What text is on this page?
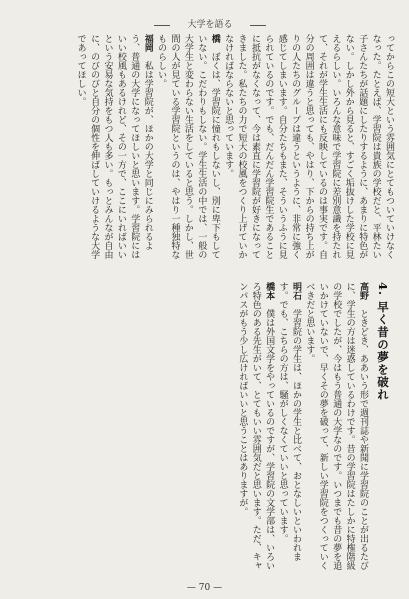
大学を語る

ってからこの短大という雰囲気にとてもついていけなくなった。たとえば、学習院は貴族の学校だと、平林たい子さんたちが話題にしたりするように、あまりに特色がない。しかし外から見ると、すごく垢抜けした学校に見えるらしい。いろんな意味で学習院に差別意識を持たれて、それが学生生活にも反映しているのは事実です。自分の周囲は違うと思っても、やはり、下からの持ち上がりの人たちのグループは違うというように、非常に強く感じてしまいます。自分たちもまた、そういうふうに見られているのです。でも、だんだん学習院生であることに抵抗がなくなって、今は素直に学習院が好きになってきました。私たちの力で短大の校風をつくり上げていかなければならないと思っています。

橋　ぼくは、学習院に憧れもしないし、別に卑下もしていない。こだわりもしない。学生生活の中では、一般の大学生と変わらない生活をしていると思う。しかし、世間の人が見ている学習院というのは、やはり一種独特なものらしい。

福岡　私は学習院が、ほかの大学と同じにみられるよう、普通の大学になってほしいと思います。学習院にはいい校風もあるけれど、その一方で、ここにいればいいという安易な気持をもつ人も多い。もっとみんなが自由に、のびのびと自分の個性を伸ばしていけるような大学であってほしい。

4. 早く昔の夢を破れ

高野　ときどき、ああいう形で週刊誌や新聞に学習院のことが出るたびに、学生の方は迷惑しているわけです。昔の学習院はたしかに特権階級の学校でしたが、今はもう普通の大学なのです。いつまでも昔の夢を追いかけていないで、早くその夢を破って、新しい学習院をつくっていくべきだと思います。

明石　学習院の学生は、ほかの学生と比べて、おとなしいといわれます。でも、こちらの方は、騒がしくなくていいと思っています。

橋本　僕は外国文学をやっているのですが、学習院の文学部は、いろいろ特色のある先生がいて、とてもいい雰囲気だと思います。ただ、キャンパスがもう少し広ければいいと思うことはありますが。

— 70 —
